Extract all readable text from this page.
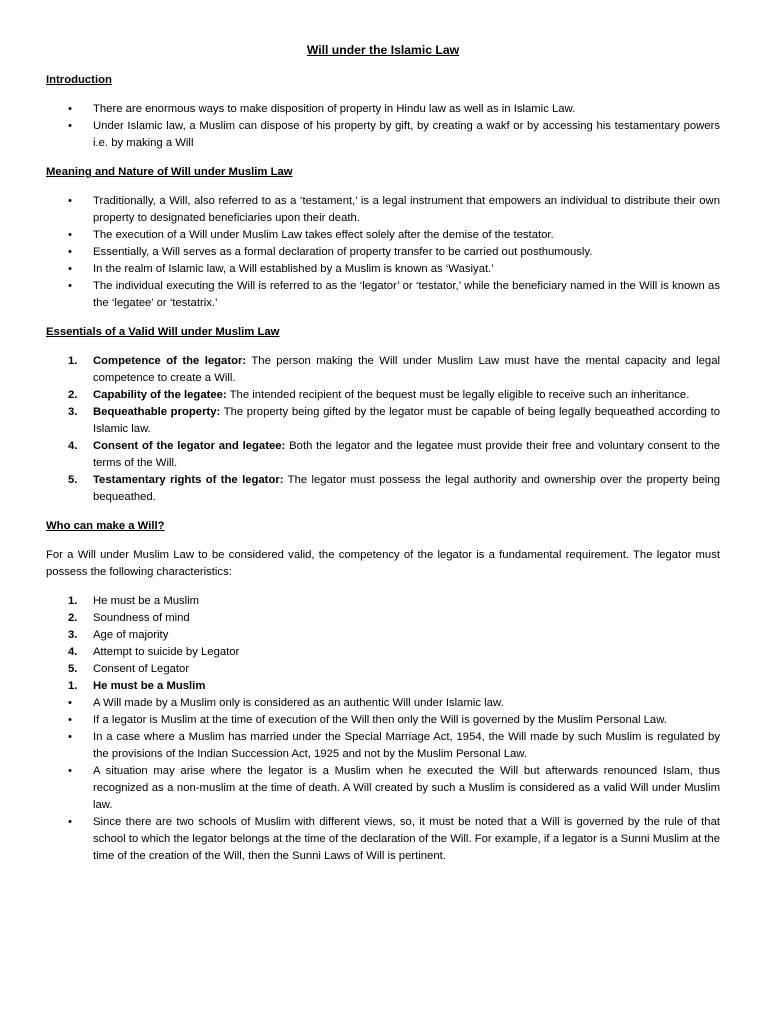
Will under the Islamic Law
Introduction
• There are enormous ways to make disposition of property in Hindu law as well as in Islamic Law.
• Under Islamic law, a Muslim can dispose of his property by gift, by creating a wakf or by accessing his testamentary powers i.e. by making a Will
Meaning and Nature of Will under Muslim Law
• Traditionally, a Will, also referred to as a ‘testament,’ is a legal instrument that empowers an individual to distribute their own property to designated beneficiaries upon their death.
• The execution of a Will under Muslim Law takes effect solely after the demise of the testator.
• Essentially, a Will serves as a formal declaration of property transfer to be carried out posthumously.
• In the realm of Islamic law, a Will established by a Muslim is known as ‘Wasiyat.’
• The individual executing the Will is referred to as the ‘legator’ or ‘testator,’ while the beneficiary named in the Will is known as the ‘legatee’ or ‘testatrix.’
Essentials of a Valid Will under Muslim Law
1. Competence of the legator: The person making the Will under Muslim Law must have the mental capacity and legal competence to create a Will.
2. Capability of the legatee: The intended recipient of the bequest must be legally eligible to receive such an inheritance.
3. Bequeathable property: The property being gifted by the legator must be capable of being legally bequeathed according to Islamic law.
4. Consent of the legator and legatee: Both the legator and the legatee must provide their free and voluntary consent to the terms of the Will.
5. Testamentary rights of the legator: The legator must possess the legal authority and ownership over the property being bequeathed.
Who can make a Will?

For a Will under Muslim Law to be considered valid, the competency of the legator is a fundamental requirement. The legator must possess the following characteristics:

1. He must be a Muslim
2. Soundness of mind
3. Age of majority
4. Attempt to suicide by Legator
5. Consent of Legator
1. He must be a Muslim
• A Will made by a Muslim only is considered as an authentic Will under Islamic law.
• If a legator is Muslim at the time of execution of the Will then only the Will is governed by the Muslim Personal Law.
• In a case where a Muslim has married under the Special Marriage Act, 1954, the Will made by such Muslim is regulated by the provisions of the Indian Succession Act, 1925 and not by the Muslim Personal Law.
• A situation may arise where the legator is a Muslim when he executed the Will but afterwards renounced Islam, thus recognized as a non-muslim at the time of death. A Will created by such a Muslim is considered as a valid Will under Muslim law.
• Since there are two schools of Muslim with different views, so, it must be noted that a Will is governed by the rule of that school to which the legator belongs at the time of the declaration of the Will. For example, if a legator is a Sunni Muslim at the time of the creation of the Will, then the Sunni Laws of Will is pertinent.
